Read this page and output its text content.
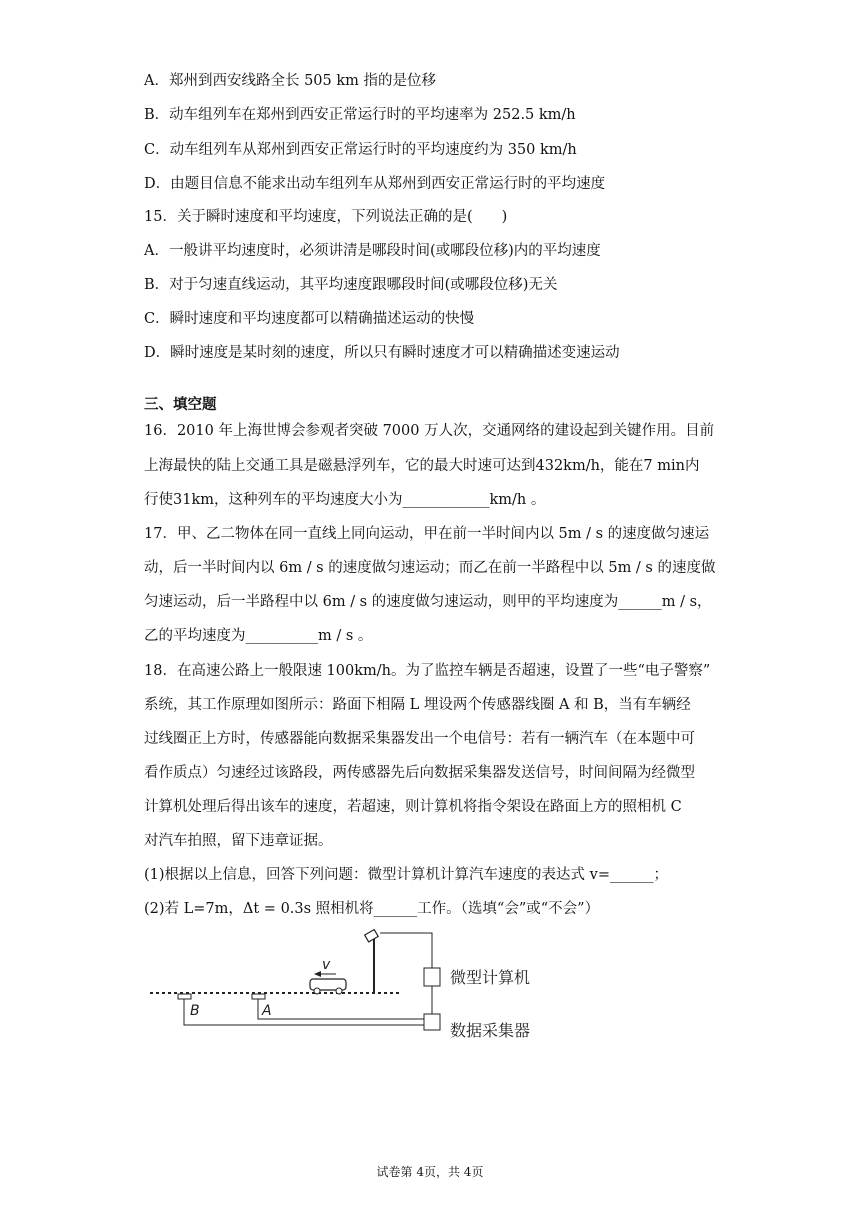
A．郑州到西安线路全长 505 km 指的是位移
B．动车组列车在郑州到西安正常运行时的平均速率为 252.5 km/h
C．动车组列车从郑州到西安正常运行时的平均速度约为 350 km/h
D．由题目信息不能求出动车组列车从郑州到西安正常运行时的平均速度
15．关于瞬时速度和平均速度，下列说法正确的是(　　)
A．一般讲平均速度时，必须讲清是哪段时间(或哪段位移)内的平均速度
B．对于匀速直线运动，其平均速度跟哪段时间(或哪段位移)无关
C．瞬时速度和平均速度都可以精确描述运动的快慢
D．瞬时速度是某时刻的速度，所以只有瞬时速度才可以精确描述变速运动
三、填空题
16．2010 年上海世博会参观者突破 7000 万人次，交通网络的建设起到关键作用。目前
上海最快的陆上交通工具是磁悬浮列车，它的最大时速可达到432km/h，能在7 min内
行使31km，这种列车的平均速度大小为____________km/h 。
17．甲、乙二物体在同一直线上同向运动，甲在前一半时间内以 5m / s 的速度做匀速运
动，后一半时间内以 6m / s 的速度做匀速运动；而乙在前一半路程中以 5m / s 的速度做
匀速运动，后一半路程中以 6m / s 的速度做匀速运动，则甲的平均速度为______m / s，
乙的平均速度为__________m / s 。
18．在高速公路上一般限速 100km/h。为了监控车辆是否超速，设置了一些“电子警察”
系统，其工作原理如图所示：路面下相隔 L 埋设两个传感器线圈 A 和 B，当有车辆经
过线圈正上方时，传感器能向数据采集器发出一个电信号：若有一辆汽车（在本题中可
看作质点）匀速经过该路段，两传感器先后向数据采集器发送信号，时间间隔为经微型
计算机处理后得出该车的速度，若超速，则计算机将指令架设在路面上方的照相机 C
对汽车拍照，留下违章证据。
(1)根据以上信息，回答下列问题：微型计算机计算汽车速度的表达式 v=______；
(2)若 L=7m，Δt = 0.3s 照相机将______工作。（选填“会”或“不会”）
B	A
v
微型计算机
数据采集器
试卷第 4页，共 4页
